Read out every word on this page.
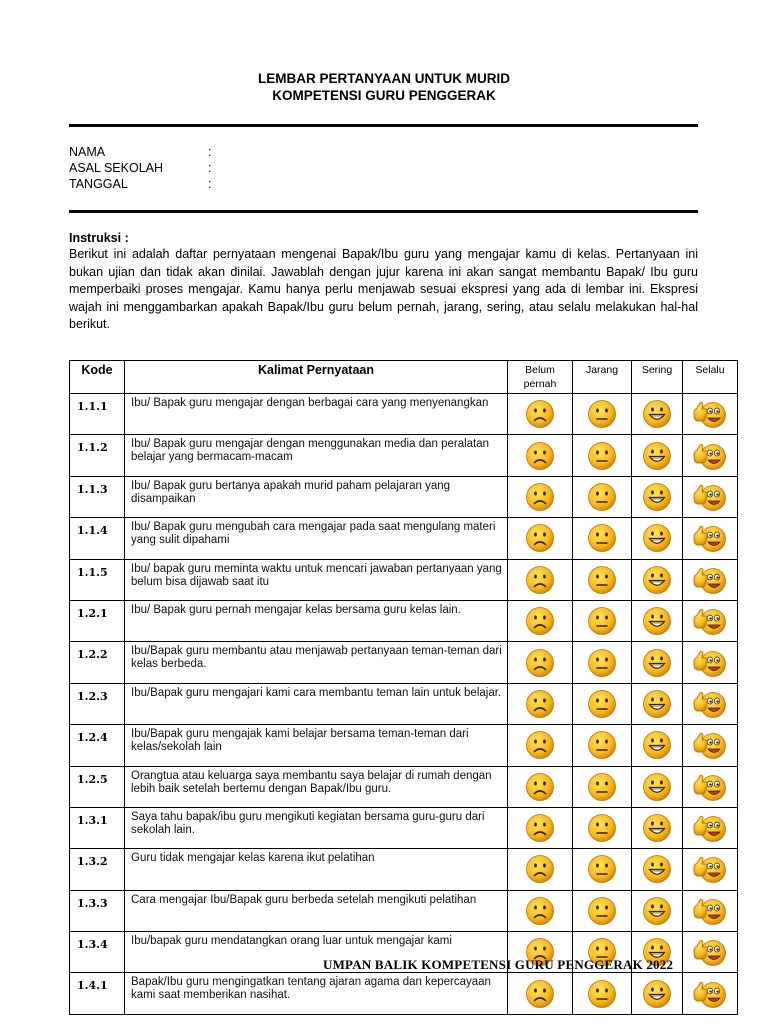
LEMBAR PERTANYAAN UNTUK MURID
KOMPETENSI GURU PENGGERAK
NAMA	:
ASAL SEKOLAH	:
TANGGAL	:
Instruksi :
Berikut ini adalah daftar pernyataan mengenai Bapak/Ibu guru yang mengajar kamu di kelas. Pertanyaan ini bukan ujian dan tidak akan dinilai. Jawablah dengan jujur karena ini akan sangat membantu Bapak/ Ibu guru memperbaiki proses mengajar. Kamu hanya perlu menjawab sesuai ekspresi yang ada di lembar ini. Ekspresi wajah ini menggambarkan apakah Bapak/Ibu guru belum pernah, jarang, sering, atau selalu melakukan hal-hal berikut.
Kode	Kalimat Pernyataan	Belum pernah	Jarang	Sering	Selalu
1.1.1	Ibu/ Bapak guru mengajar dengan berbagai cara yang menyenangkan				
1.1.2	Ibu/ Bapak guru mengajar dengan menggunakan media dan peralatan belajar yang bermacam-macam				
1.1.3	Ibu/ Bapak guru bertanya apakah murid paham pelajaran yang disampaikan				
1.1.4	Ibu/ Bapak guru mengubah cara mengajar pada saat mengulang materi yang sulit dipahami				
1.1.5	Ibu/ bapak guru meminta waktu untuk mencari jawaban pertanyaan yang belum bisa dijawab saat itu				
1.2.1	Ibu/ Bapak guru pernah mengajar kelas bersama guru kelas lain.				
1.2.2	Ibu/Bapak guru membantu atau menjawab pertanyaan teman-teman dari kelas berbeda.				
1.2.3	Ibu/Bapak guru mengajari kami cara membantu teman lain untuk belajar.				
1.2.4	Ibu/Bapak guru mengajak kami belajar bersama teman-teman dari kelas/sekolah lain				
1.2.5	Orangtua atau keluarga saya membantu saya belajar di rumah dengan lebih baik setelah bertemu dengan Bapak/Ibu guru.				
1.3.1	Saya tahu bapak/ibu guru mengikuti kegiatan bersama guru-guru dari sekolah lain.				
1.3.2	Guru tidak mengajar kelas karena ikut pelatihan				
1.3.3	Cara mengajar Ibu/Bapak guru berbeda setelah mengikuti pelatihan				
1.3.4	Ibu/bapak guru mendatangkan orang luar untuk mengajar kami				
1.4.1	Bapak/Ibu guru mengingatkan tentang ajaran agama dan kepercayaan kami saat memberikan nasihat.				
UMPAN BALIK KOMPETENSI GURU PENGGERAK 2022
